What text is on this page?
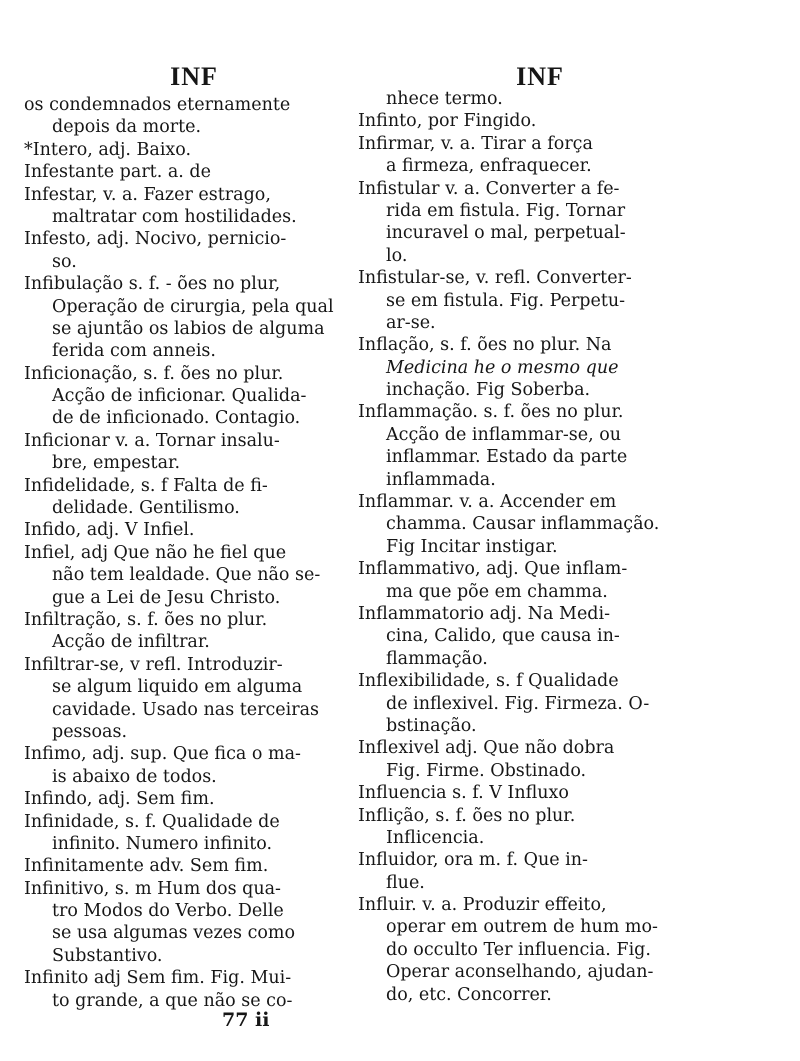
INF
os condemnados eternamente
depois da morte.
*Intero, adj. Baixo.
Infestante part. a. de
Infestar, v. a. Fazer estrago,
maltratar com hostilidades.
Infesto, adj. Nocivo, pernicio-
so.
Infibulação s. f. - ões no plur,
Operação de cirurgia, pela qual
se ajuntão os labios de alguma
ferida com anneis.
Inficionação, s. f. ões no plur.
Acção de inficionar. Qualida-
de de inficionado. Contagio.
Inficionar v. a. Tornar insalu-
bre, empestar.
Infidelidade, s. f Falta de fi-
delidade. Gentilismo.
Infido, adj. V Infiel.
Infiel, adj Que não he fiel que
não tem lealdade. Que não se-
gue a Lei de Jesu Christo.
Infiltração, s. f. ões no plur.
Acção de infiltrar.
Infiltrar-se, v refl. Introduzir-
se algum liquido em alguma
cavidade. Usado nas terceiras
pessoas.
Infimo, adj. sup. Que fica o ma-
is abaixo de todos.
Infindo, adj. Sem fim.
Infinidade, s. f. Qualidade de
infinito. Numero infinito.
Infinitamente adv. Sem fim.
Infinitivo, s. m Hum dos qua-
tro Modos do Verbo. Delle
se usa algumas vezes como
Substantivo.
Infinito adj Sem fim. Fig. Mui-
to grande, a que não se co-
INF
nhece termo.
Infinto, por Fingido.
Infirmar, v. a. Tirar a força
a firmeza, enfraquecer.
Infistular v. a. Converter a fe-
rida em fistula. Fig. Tornar
incuravel o mal, perpetual-
lo.
Infistular-se, v. refl. Converter-
se em fistula. Fig. Perpetu-
ar-se.
Inflação, s. f. ões no plur. Na
Medicina he o mesmo que
inchação. Fig Soberba.
Inflammação. s. f. ões no plur.
Acção de inflammar-se, ou
inflammar. Estado da parte
inflammada.
Inflammar. v. a. Accender em
chamma. Causar inflammação.
Fig Incitar instigar.
Inflammativo, adj. Que inflam-
ma que põe em chamma.
Inflammatorio adj. Na Medi-
cina, Calido, que causa in-
flammação.
Inflexibilidade, s. f Qualidade
de inflexivel. Fig. Firmeza. O-
bstinação.
Inflexivel adj. Que não dobra
Fig. Firme. Obstinado.
Influencia s. f. V Influxo
Inflição, s. f. ões no plur.
Inflicencia.
Influidor, ora m. f. Que in-
flue.
Influir. v. a. Produzir effeito,
operar em outrem de hum mo-
do occulto Ter influencia. Fig.
Operar aconselhando, ajudan-
do, etc. Concorrer.
77 ii
